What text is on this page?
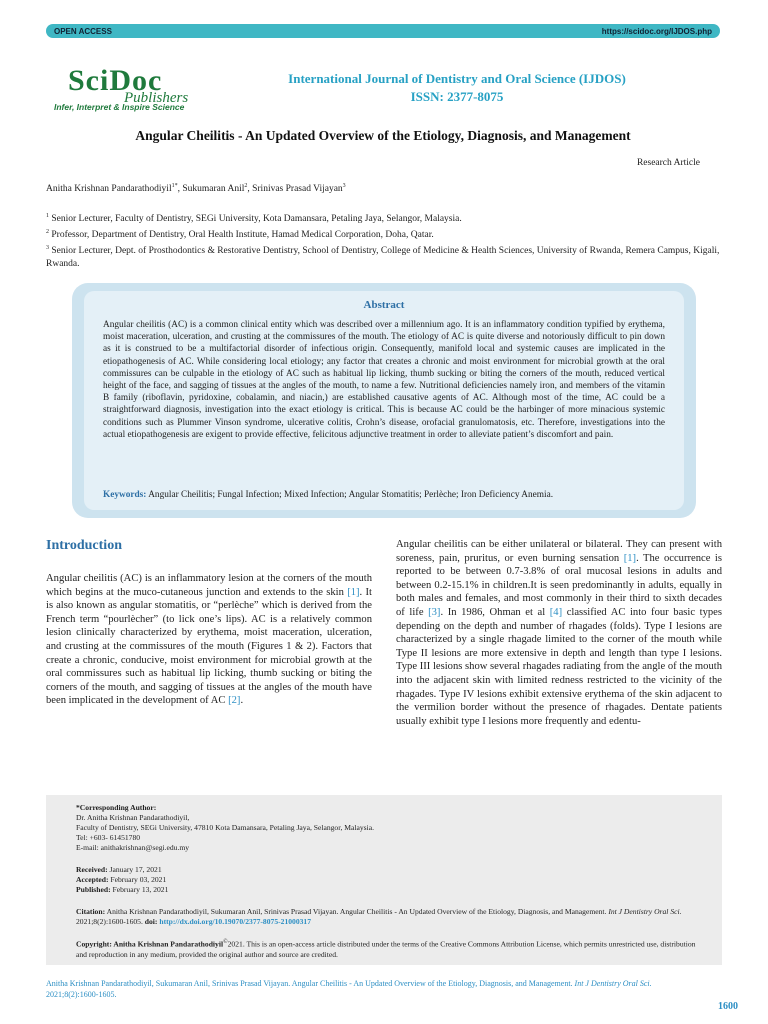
OPEN ACCESS	https://scidoc.org/IJDOS.php
SciDoc
Publishers
Infer, Interpret & Inspire Science
International Journal of Dentistry and Oral Science (IJDOS)
ISSN: 2377-8075
Angular Cheilitis - An Updated Overview of the Etiology, Diagnosis, and Management
Research Article
Anitha Krishnan Pandarathodiyil$^{1*}$, Sukumaran Anil$^2$, Srinivas Prasad Vijayan$^3$

$^1$ Senior Lecturer, Faculty of Dentistry, SEGi University, Kota Damansara, Petaling Jaya, Selangor, Malaysia.

$^2$ Professor, Department of Dentistry, Oral Health Institute, Hamad Medical Corporation, Doha, Qatar.

$^3$ Senior Lecturer, Dept. of Prosthodontics & Restorative Dentistry, School of Dentistry, College of Medicine & Health Sciences, University of Rwanda, Remera Campus, Kigali, Rwanda.

Abstract
Angular cheilitis (AC) is a common clinical entity which was described over a millennium ago. It is an inflammatory condition typified by erythema, moist maceration, ulceration, and crusting at the commissures of the mouth. The etiology of AC is quite diverse and notoriously difficult to pin down as it is construed to be a multifactorial disorder of infectious origin. Consequently, manifold local and systemic causes are implicated in the etiopathogenesis of AC. While considering local etiology; any factor that creates a chronic and moist environment for microbial growth at the oral commissures can be culpable in the etiology of AC such as habitual lip licking, thumb sucking or biting the corners of the mouth, reduced vertical height of the face, and sagging of tissues at the angles of the mouth, to name a few. Nutritional deficiencies namely iron, and members of the vitamin B family (riboflavin, pyridoxine, cobalamin, and niacin,) are established causative agents of AC. Although most of the time, AC could be a straightforward diagnosis, investigation into the exact etiology is critical. This is because AC could be the harbinger of more minacious systemic conditions such as Plummer Vinson syndrome, ulcerative colitis, Crohn’s disease, orofacial granulomatosis, etc. Therefore, investigations into the actual etiopathogenesis are exigent to provide effective, felicitous adjunctive treatment in order to alleviate patient’s discomfort and pain.
Keywords: Angular Cheilitis; Fungal Infection; Mixed Infection; Angular Stomatitis; Perlèche; Iron Deficiency Anemia.
Introduction
Angular cheilitis (AC) is an inflammatory lesion at the corners of the mouth which begins at the muco-cutaneous junction and extends to the skin [1]. It is also known as angular stomatitis, or “perlèche” which is derived from the French term “pourlècher” (to lick one’s lips). AC is a relatively common lesion clinically characterized by erythema, moist maceration, ulceration, and crusting at the commissures of the mouth (Figures 1 & 2). Factors that create a chronic, conducive, moist environment for microbial growth at the oral commissures such as habitual lip licking, thumb sucking or biting the corners of the mouth, and sagging of tissues at the angles of the mouth have been implicated in the development of AC [2].
Angular cheilitis can be either unilateral or bilateral. They can present with soreness, pain, pruritus, or even burning sensation [1]. The occurrence is reported to be between 0.7-3.8% of oral mucosal lesions in adults and between 0.2-15.1% in children.It is seen predominantly in adults, equally in both males and females, and most commonly in their third to sixth decades of life [3]. In 1986, Ohman et al [4] classified AC into four basic types depending on the depth and number of rhagades (folds). Type I lesions are characterized by a single rhagade limited to the corner of the mouth while Type II lesions are more extensive in depth and length than type I lesions. Type III lesions show several rhagades radiating from the angle of the mouth into the adjacent skin with limited redness restricted to the vicinity of the rhagades. Type IV lesions exhibit extensive erythema of the skin adjacent to the vermilion border without the presence of rhagades. Dentate patients usually exhibit type I lesions more frequently and edentu-
*Corresponding Author:
Dr. Anitha Krishnan Pandarathodiyil,
Faculty of Dentistry, SEGi University, 47810 Kota Damansara, Petaling Jaya, Selangor, Malaysia.
Tel: +603- 61451780
E-mail: anithakrishnan@segi.edu.my
Received: January 17, 2021
Accepted: February 03, 2021
Published: February 13, 2021
Citation: Anitha Krishnan Pandarathodiyil, Sukumaran Anil, Srinivas Prasad Vijayan. Angular Cheilitis - An Updated Overview of the Etiology, Diagnosis, and Management. Int J Dentistry Oral Sci. 2021;8(2):1600-1605. doi: http://dx.doi.org/10.19070/2377-8075-21000317
Copyright: Anitha Krishnan Pandarathodiyil©2021. This is an open-access article distributed under the terms of the Creative Commons Attribution License, which permits unrestricted use, distribution and reproduction in any medium, provided the original author and source are credited.
Anitha Krishnan Pandarathodiyil, Sukumaran Anil, Srinivas Prasad Vijayan. Angular Cheilitis - An Updated Overview of the Etiology, Diagnosis, and Management. Int J Dentistry Oral Sci.
2021;8(2):1600-1605.
1600
